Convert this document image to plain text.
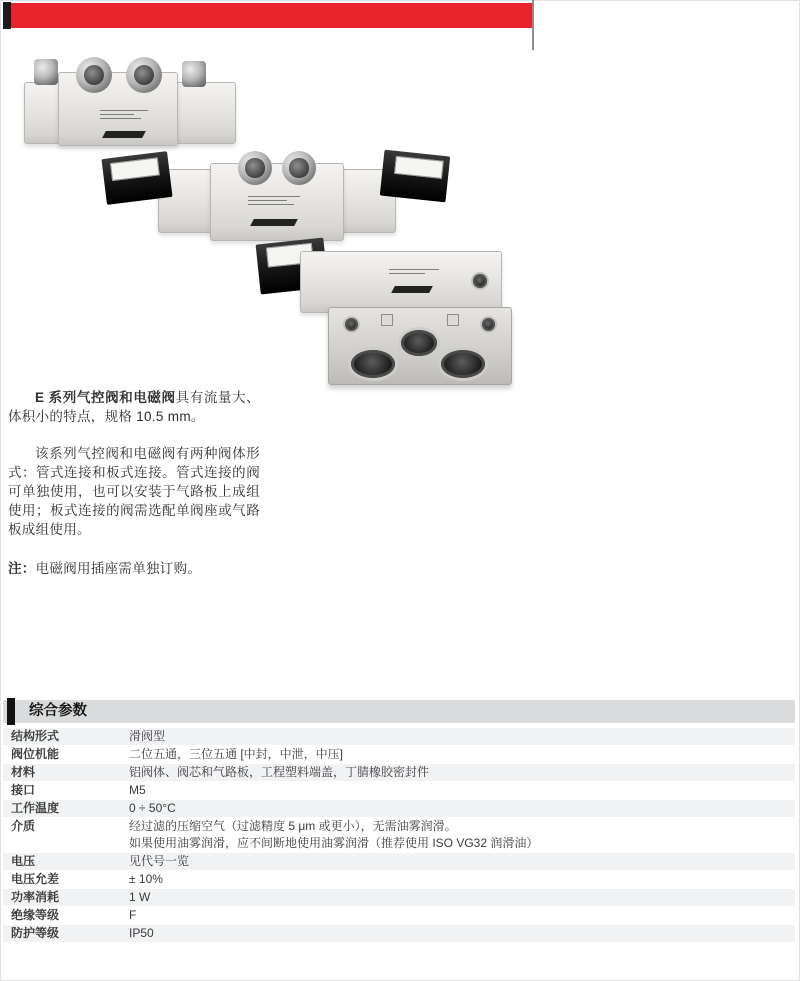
E 系列气控阀和电磁阀具有流量大、体积小的特点，规格 10.5 mm。

该系列气控阀和电磁阀有两种阀体形式：管式连接和板式连接。管式连接的阀可单独使用，也可以安装于气路板上成组使用；板式连接的阀需选配单阀座或气路板成组使用。

注：电磁阀用插座需单独订购。

综合参数
结构形式	滑阀型
阀位机能	二位五通，三位五通 [中封，中泄，中压]
材料	铝阀体、阀芯和气路板，工程塑料端盖，丁腈橡胶密封件
接口	M5
工作温度	0 ÷ 50°C
介质	经过滤的压缩空气（过滤精度 5 μm 或更小），无需油雾润滑。
如果使用油雾润滑，应不间断地使用油雾润滑（推荐使用 ISO VG32 润滑油）
电压	见代号一览
电压允差	± 10%
功率消耗	1 W
绝缘等级	F
防护等级	IP50
